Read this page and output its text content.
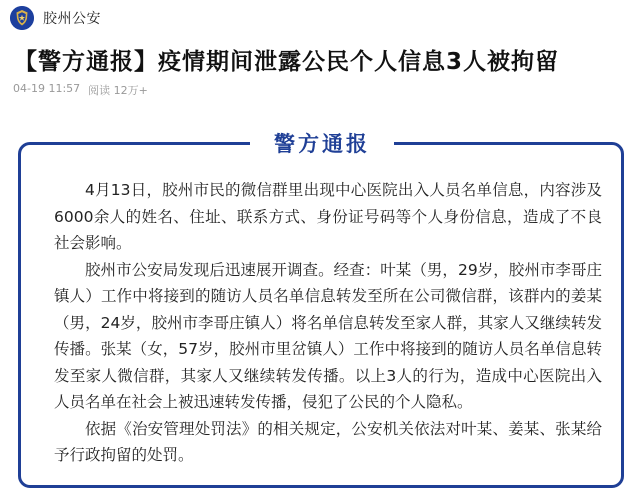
胶州公安
【警方通报】疫情期间泄露公民个人信息3人被拘留
04-19 11:57 阅读 12万+
警方通报

4月13日，胶州市民的微信群里出现中心医院出入人员名单信息，内容涉及6000余人的姓名、住址、联系方式、身份证号码等个人身份信息，造成了不良社会影响。

胶州市公安局发现后迅速展开调查。经查：叶某（男，29岁，胶州市李哥庄镇人）工作中将接到的随访人员名单信息转发至所在公司微信群，该群内的姜某（男，24岁，胶州市李哥庄镇人）将名单信息转发至家人群，其家人又继续转发传播。张某（女，57岁，胶州市里岔镇人）工作中将接到的随访人员名单信息转发至家人微信群，其家人又继续转发传播。以上3人的行为，造成中心医院出入人员名单在社会上被迅速转发传播，侵犯了公民的个人隐私。

依据《治安管理处罚法》的相关规定，公安机关依法对叶某、姜某、张某给予行政拘留的处罚。
